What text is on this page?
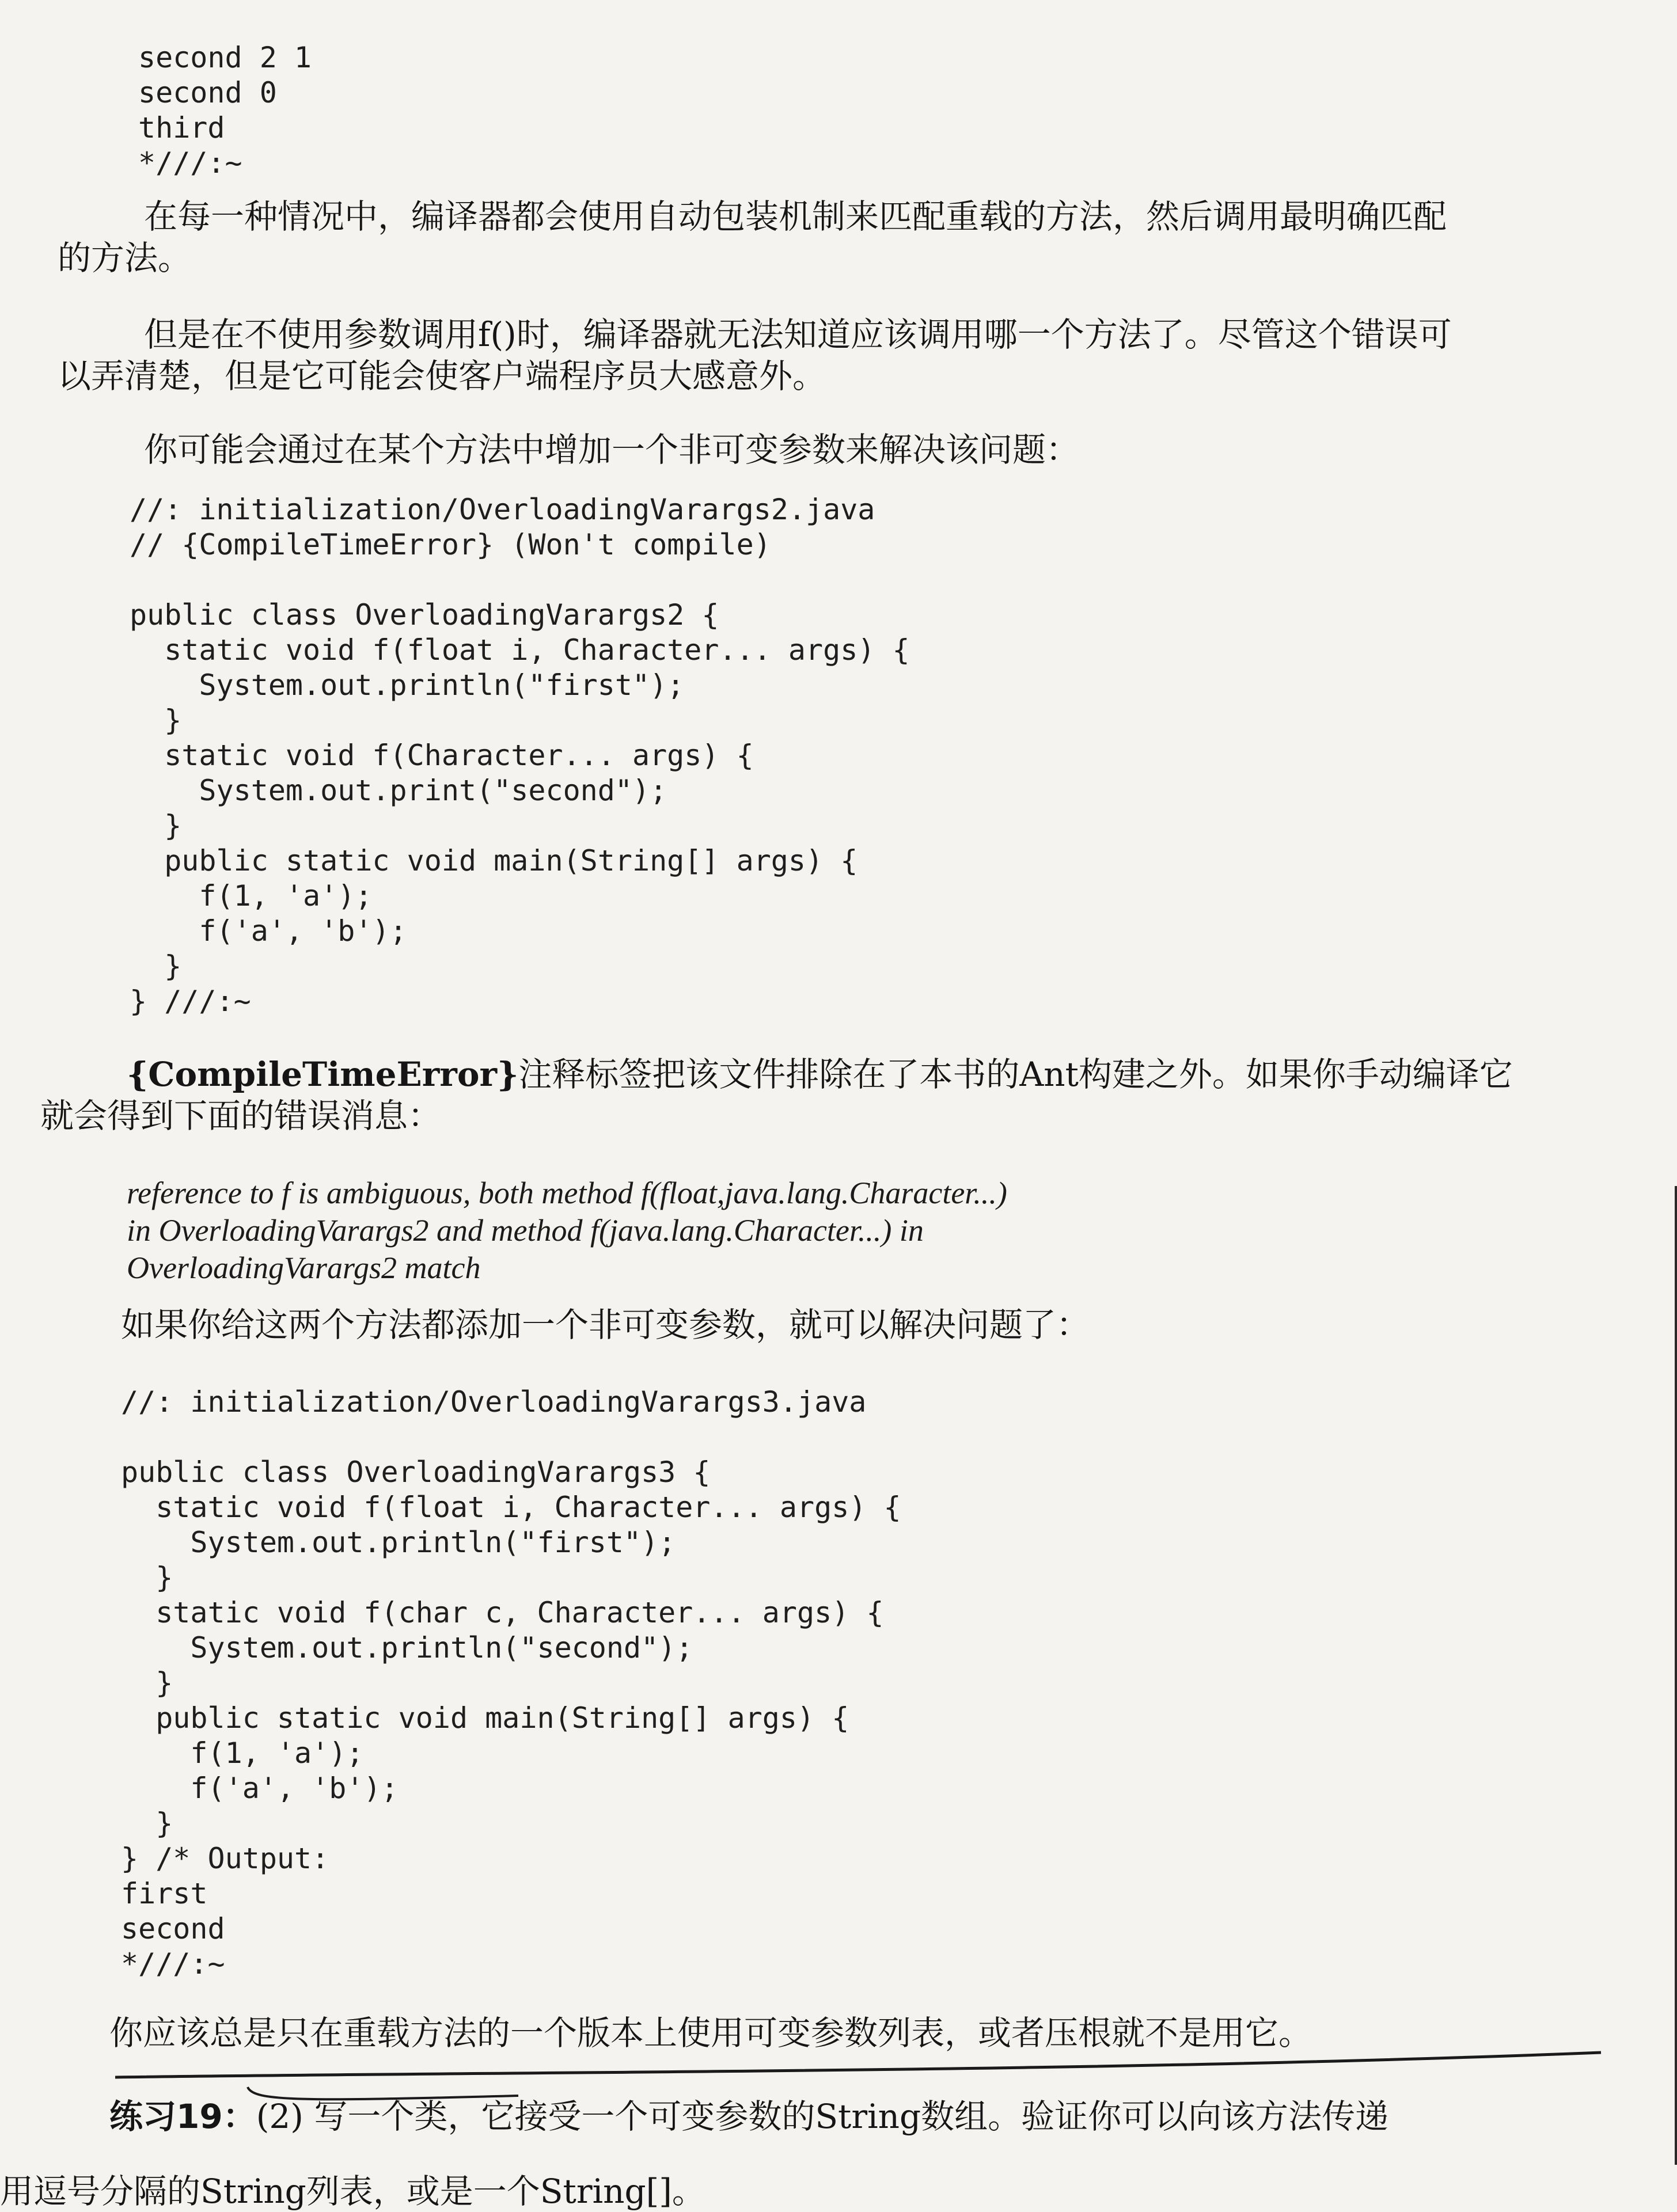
second 2 1
second 0
third
*///:~

在每一种情况中，编译器都会使用自动包装机制来匹配重载的方法，然后调用最明确匹配
的方法。

但是在不使用参数调用f()时，编译器就无法知道应该调用哪一个方法了。尽管这个错误可
以弄清楚，但是它可能会使客户端程序员大感意外。

你可能会通过在某个方法中增加一个非可变参数来解决该问题：

//: initialization/OverloadingVarargs2.java
// {CompileTimeError} (Won't compile)

public class OverloadingVarargs2 {
static void f(float i, Character... args) {
System.out.println("first");
}
static void f(Character... args) {
System.out.print("second");
}
public static void main(String[] args) {
f(1, 'a');
f('a', 'b');
}
} ///:~

{CompileTimeError}注释标签把该文件排除在了本书的Ant构建之外。如果你手动编译它
就会得到下面的错误消息：

reference to f is ambiguous, both method f(float,java.lang.Character...)
in OverloadingVarargs2 and method f(java.lang.Character...) in
OverloadingVarargs2 match

如果你给这两个方法都添加一个非可变参数，就可以解决问题了：

//: initialization/OverloadingVarargs3.java

public class OverloadingVarargs3 {
static void f(float i, Character... args) {
System.out.println("first");
}
static void f(char c, Character... args) {
System.out.println("second");
}
public static void main(String[] args) {
f(1, 'a');
f('a', 'b');
}
} /* Output:
first
second
*///:~

你应该总是只在重载方法的一个版本上使用可变参数列表，或者压根就不是用它。

练习19：(2) 写一个类，它接受一个可变参数的String数组。验证你可以向该方法传递

用逗号分隔的String列表，或是一个String[]。
